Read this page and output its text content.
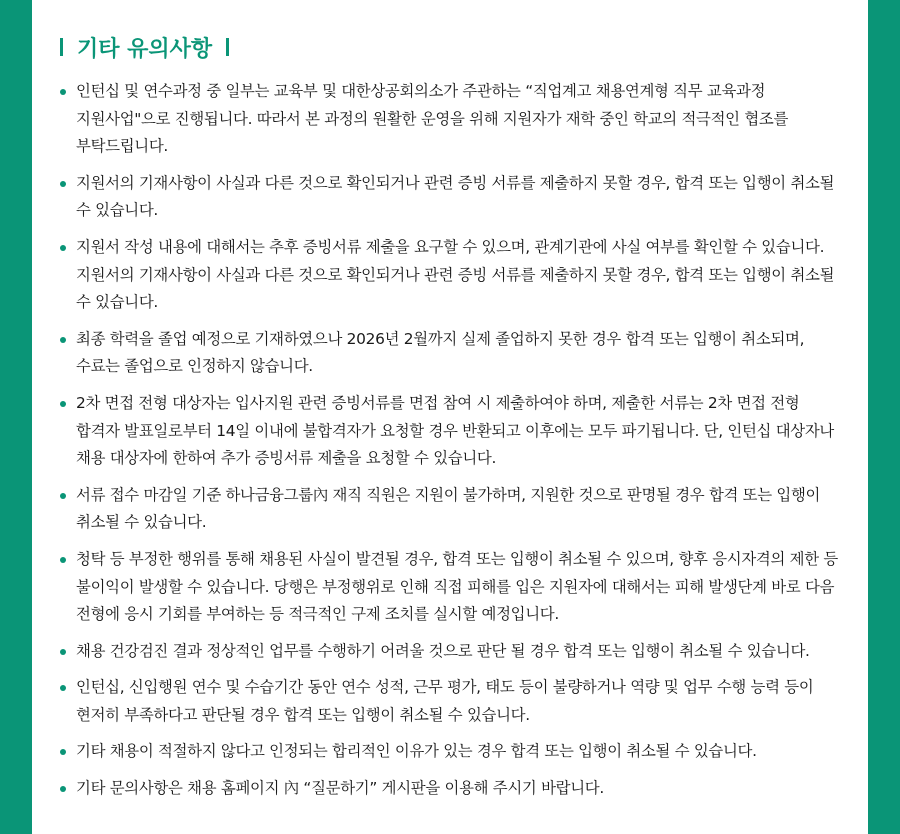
기타 유의사항
인턴십 및 연수과정 중 일부는 교육부 및 대한상공회의소가 주관하는 “직업계고 채용연계형 직무 교육과정 지원사업"으로 진행됩니다. 따라서 본 과정의 원활한 운영을 위해 지원자가 재학 중인 학교의 적극적인 협조를 부탁드립니다.
지원서의 기재사항이 사실과 다른 것으로 확인되거나 관련 증빙 서류를 제출하지 못할 경우, 합격 또는 입행이 취소될 수 있습니다.
지원서 작성 내용에 대해서는 추후 증빙서류 제출을 요구할 수 있으며, 관계기관에 사실 여부를 확인할 수 있습니다. 지원서의 기재사항이 사실과 다른 것으로 확인되거나 관련 증빙 서류를 제출하지 못할 경우, 합격 또는 입행이 취소될 수 있습니다.
최종 학력을 졸업 예정으로 기재하였으나 2026년 2월까지 실제 졸업하지 못한 경우 합격 또는 입행이 취소되며, 수료는 졸업으로 인정하지 않습니다.
2차 면접 전형 대상자는 입사지원 관련 증빙서류를 면접 참여 시 제출하여야 하며, 제출한 서류는 2차 면접 전형 합격자 발표일로부터 14일 이내에 불합격자가 요청할 경우 반환되고 이후에는 모두 파기됩니다. 단, 인턴십 대상자나 채용 대상자에 한하여 추가 증빙서류 제출을 요청할 수 있습니다.
서류 접수 마감일 기준 하나금융그룹內 재직 직원은 지원이 불가하며, 지원한 것으로 판명될 경우 합격 또는 입행이 취소될 수 있습니다.
청탁 등 부정한 행위를 통해 채용된 사실이 발견될 경우, 합격 또는 입행이 취소될 수 있으며, 향후 응시자격의 제한 등 불이익이 발생할 수 있습니다. 당행은 부정행위로 인해 직접 피해를 입은 지원자에 대해서는 피해 발생단계 바로 다음 전형에 응시 기회를 부여하는 등 적극적인 구제 조치를 실시할 예정입니다.
채용 건강검진 결과 정상적인 업무를 수행하기 어려울 것으로 판단 될 경우 합격 또는 입행이 취소될 수 있습니다.
인턴십, 신입행원 연수 및 수습기간 동안 연수 성적, 근무 평가, 태도 등이 불량하거나 역량 및 업무 수행 능력 등이 현저히 부족하다고 판단될 경우 합격 또는 입행이 취소될 수 있습니다.
기타 채용이 적절하지 않다고 인정되는 합리적인 이유가 있는 경우 합격 또는 입행이 취소될 수 있습니다.
기타 문의사항은 채용 홈페이지 內 “질문하기” 게시판을 이용해 주시기 바랍니다.
